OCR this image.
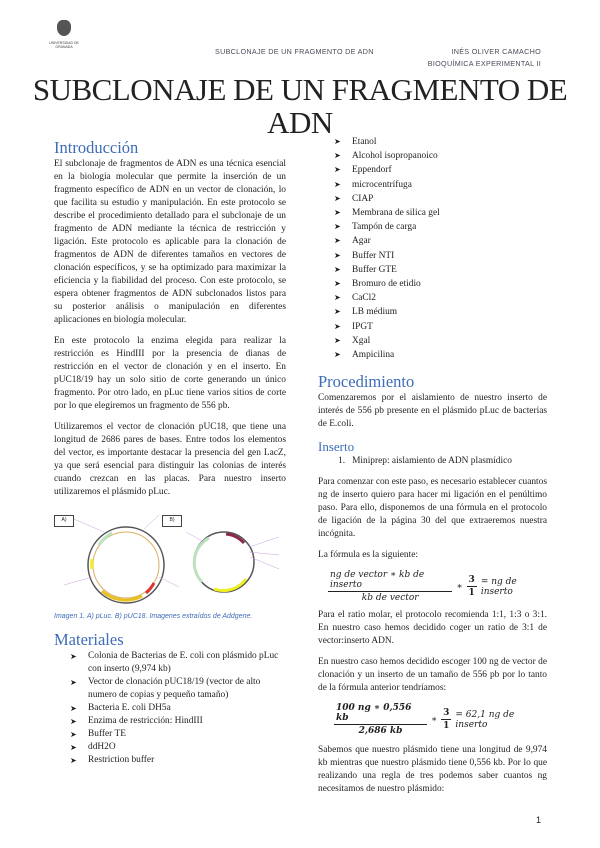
UNIVERSIDAD DE GRANADA	SUBCLONAJE DE UN FRAGMENTO DE ADN	INÉS OLIVER CAMACHO
BIOQUÍMICA EXPERIMENTAL II
SUBCLONAJE DE UN FRAGMENTO DE ADN
Introducción

El subclonaje de fragmentos de ADN es una técnica esencial en la biología molecular que permite la inserción de un fragmento específico de ADN en un vector de clonación, lo que facilita su estudio y manipulación. En este protocolo se describe el procedimiento detallado para el subclonaje de un fragmento de ADN mediante la técnica de restricción y ligación. Este protocolo es aplicable para la clonación de fragmentos de ADN de diferentes tamaños en vectores de clonación específicos, y se ha optimizado para maximizar la eficiencia y la fiabilidad del proceso. Con este protocolo, se espera obtener fragmentos de ADN subclonados listos para su posterior análisis o manipulación en diferentes aplicaciones en biología molecular.

En este protocolo la enzima elegida para realizar la restricción es HindIII por la presencia de dianas de restricción en el vector de clonación y en el inserto. En pUC18/19 hay un solo sitio de corte generando un único fragmento. Por otro lado, en pLuc tiene varios sitios de corte por lo que elegiremos un fragmento de 556 pb.

Utilizaremos el vector de clonación pUC18, que tiene una longitud de 2686 pares de bases. Entre todos los elementos del vector, es importante destacar la presencia del gen LacZ, ya que será esencial para distinguir las colonias de interés cuando crezcan en las placas. Para nuestro inserto utilizaremos el plásmido pLuc.

A)	B)
Imagen 1. A) pLuc. B) pUC18. Imagenes extraídos de Addgene.
Materiales
➤ Colonia de Bacterias de E. coli con plásmido pLuc con inserto (9,974 kb)
➤ Vector de clonación pUC18/19 (vector de alto numero de copias y pequeño tamaño)
➤ Bacteria E. coli DH5a
➤ Enzima de restricción: HindIII
➤ Buffer TE
➤ ddH2O
➤ Restriction buffer
➤ Etanol
➤ Alcohol isopropanoico
➤ Eppendorf
➤ microcentrífuga
➤ CIAP
➤ Membrana de silica gel
➤ Tampón de carga
➤ Agar
➤ Buffer NTI
➤ Buffer GTE
➤ Bromuro de etidio
➤ CaCl2
➤ LB médium
➤ IPGT
➤ Xgal
➤ Ampicilina
Procedimiento

Comenzaremos por el aislamiento de nuestro inserto de interés de 556 pb presente en el plásmido pLuc de bacterias de E.coli.

Inserto
1. Miniprep: aislamiento de ADN plasmídico

Para comenzar con este paso, es necesario establecer cuantos ng de inserto quiero para hacer mi ligación en el penúltimo paso. Para ello, disponemos de una fórmula en el protocolo de ligación de la página 30 del que extraeremos nuestra incógnita.

La fórmula es la siguiente:

$\frac{\text{ng de vector ∗ kb de inserto}}{\text{kb de vector}}$ ∗ $\frac{3}{1}$ = ng de inserto

Para el ratio molar, el protocolo recomienda 1:1, 1:3 o 3:1. En nuestro caso hemos decidido coger un ratio de 3:1 de vector:inserto ADN.

En nuestro caso hemos decidido escoger 100 ng de vector de clonación y un inserto de un tamaño de 556 pb por lo tanto de la fórmula anterior tendríamos:

$\frac{100 ng ∗ 0,556 kb}{2,686 kb}$ ∗ $\frac{3}{1} = 62,1$ ng de inserto

Sabemos que nuestro plásmido tiene una longitud de 9,974 kb mientras que nuestro plásmido tiene 0,556 kb. Por lo que realizando una regla de tres podemos saber cuantos ng necesitamos de nuestro plásmido:

1
